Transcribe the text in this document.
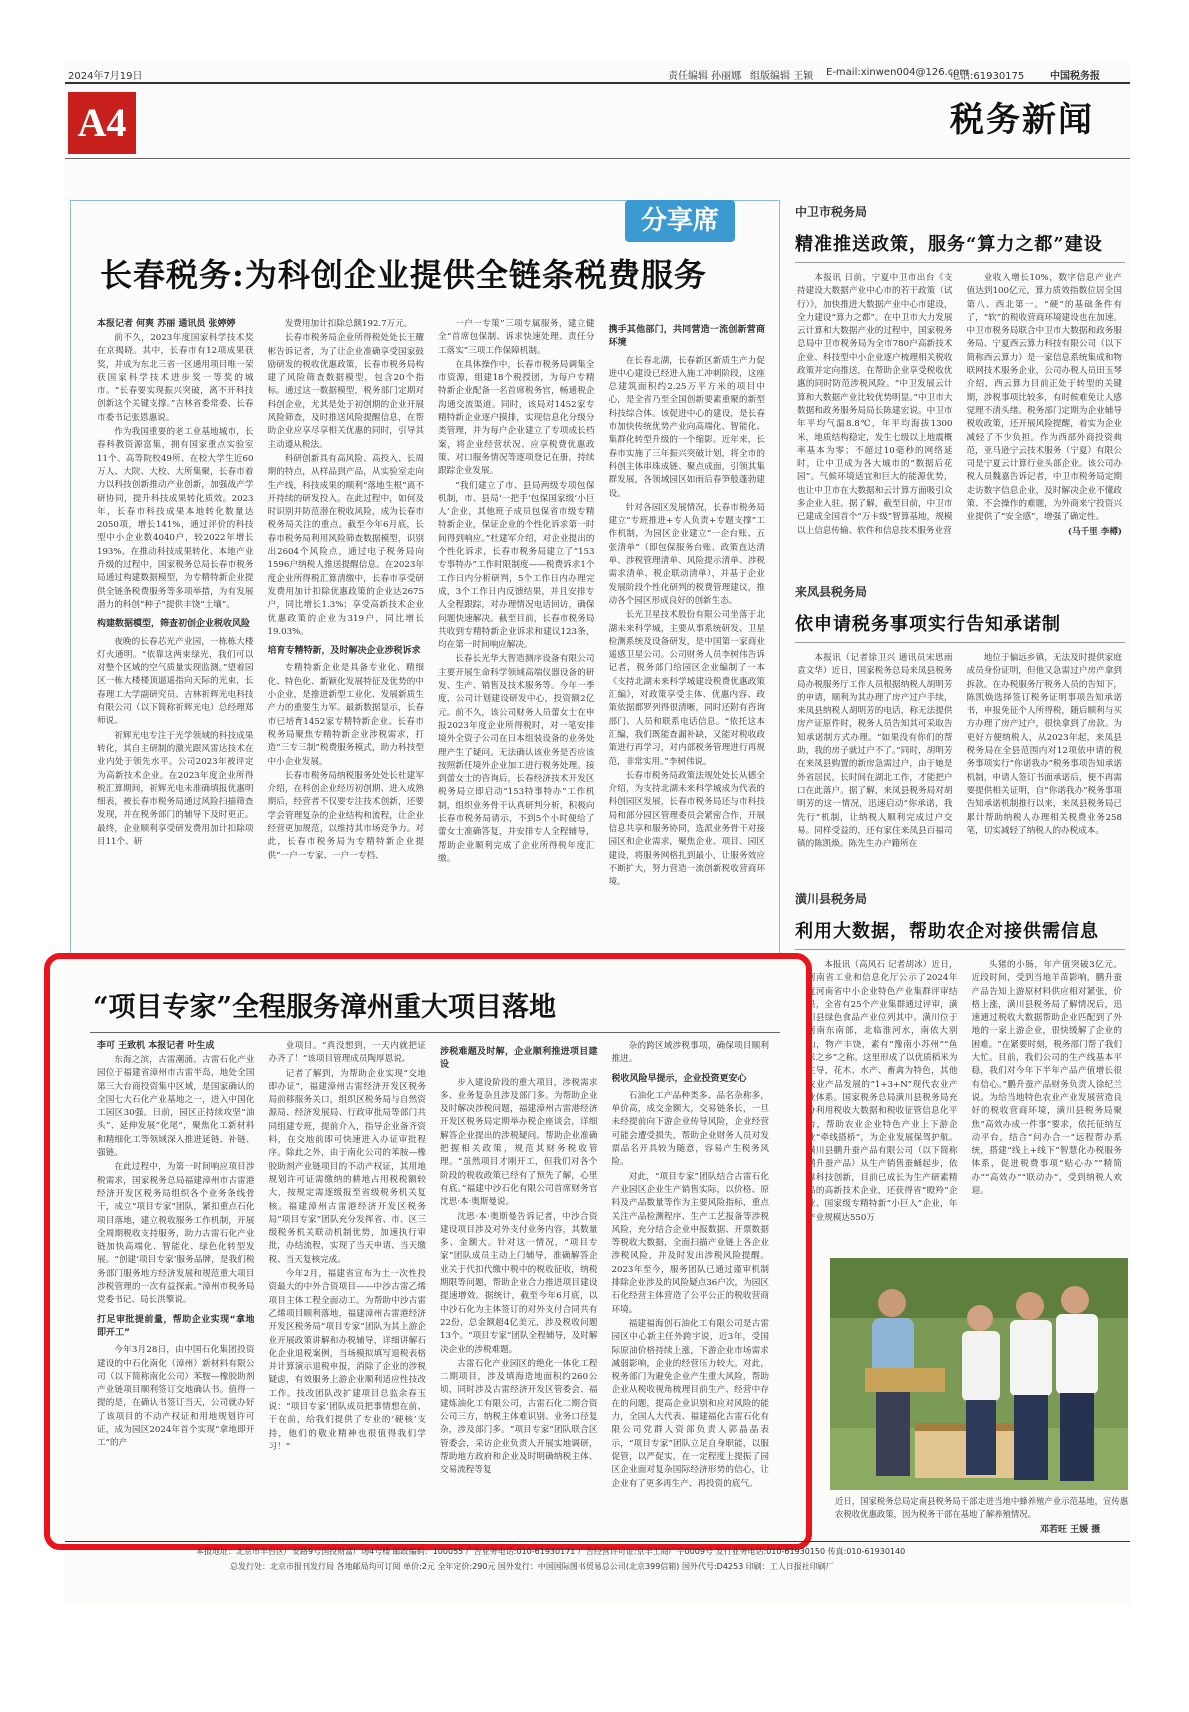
2024年7月19日	责任编辑 孙丽娜 组版编辑 王颖 E-mail:xinwen004@126.com
电话:61930175	中国税务报
A4	税务新闻
分享席
长春税务:为科创企业提供全链条税费服务

本报记者 何爽 苏丽 通讯员 张婷婷

前不久，2023年度国家科学技术奖在京揭晓。其中，长春市有12项成果获奖，并成为东北三省一区通用项目唯一荣获国家科学技术进步奖一等奖的城市。“长春要实现振兴突破，离不开科技创新这个关键支撑。”吉林省委常委、长春市委书记张恩惠说。

作为我国重要的老工业基地城市，长春科教资源富集，拥有国家重点实验室11个、高等院校49所、在校大学生近60万人、大院、大校、大所集聚，长春市着力以科技创新推动产业创新，加强战产学研协同，提升科技成果转化质效。2023年，长春市科技成果本地转化数量达2050项，增长141%，通过评价的科技型中小企业数4040户，较2022年增长193%。在推动科技成果转化、本地产业升级的过程中，国家税务总局长春市税务局通过构建数据模型，为专精特新企业提供全链条税费服务等多项举措，为有发展潜力的科创“种子”提供丰饶“土壤”。

构建数据模型，筛查初创企业税收风险

夜晚的长春芯光产业园，一栋栋大楼灯火通明。“依靠这两束绿光，我们可以对整个区域的空气质量实现监测。”望着园区一栋大楼楼顶逼遥指向天际的光束，长春理工大学副研究员、吉林祈辉光电科技有限公司（以下简称祈辉光电）总经理郑师说。

祈辉光电专注于光学领域的科技成果转化，其自主研制的激光跟风雷达技术在业内处于领先水平。公司2023年被评定为高新技术企业。在2023年度企业所得税汇算期间，祈辉光电未准确填报优惠明细表，被长春市税务局通过风险扫描筛查发现，并在税务部门的辅导下及时更正。最终，企业顺利享受研发费用加计扣除项目11个、研

发费用加计扣除总额192.7万元。

长春市税务局企业所得税处处长王耀彬告诉记者，为了让企业准确享受国家鼓励研发的税收优惠政策，长春市税务局构建了风险筛查数据模型，包含20个指标。通过这一数据模型，税务部门定期对科创企业，尤其是处于初创期的企业开展风险筛查，及时推送风险提醒信息，在帮助企业应享尽享相关优惠的同时，引导其主动遵从税法。

科研创新具有高风险、高投入、长周期的特点，从样品到产品，从实验室走向生产线，科技成果的顺利“落地生根”离不开持续的研发投入。在此过程中，如何及时识别并防范潜在税收风险，成为长春市税务局关注的重点。截至今年6月底，长春市税务局利用风险筛查数据模型，识别出2604个风险点，通过电子税务局向1596户纳税人推送提醒信息。在2023年度企业所得税汇算清缴中，长春市享受研发费用加计扣除优惠政策的企业达2675户，同比增长1.3%；享受高新技术企业优惠政策的企业为319户，同比增长19.03%。

培育专精特新，及时解决企业涉税诉求

专精特新企业是具备专业化、精细化、特色化、新颖化发展特征及优势的中小企业，是推进新型工业化、发展新质生产力的重要生力军。最新数据显示，长春市已培育1452家专精特新企业。长春市税务局聚焦专精特新企业涉税需求，打造“三专三制”税费服务模式，助力科技型中小企业发展。

长春市税务局纳税服务处处长杜建军介绍，在科创企业经历初创期、进入成熟期后，经营者不仅要专注技术创新，还要学会管理复杂的企业结构和流程，让企业经营更加规范，以维持其市场竞争力。对此，长春市税务局为专精特新企业提供“一户一专家、一户一专档、

一户一专策”三项专属服务，建立健全“首席包保制、诉求快速处理、责任分工落实”三项工作保障机制。

在具体操作中，长春市税务局调集全市资源，组建18个税授团，为每户专精特新企业配备一名首席税务官，畅通税企沟通交流渠道。同时，该局对1452家专精特新企业逐户摸排，实现信息化分级分类管理，并为每户企业建立了专项成长档案，将企业经营状况、应享税费优惠政策、对口服务情况等逐项登记在册，持续跟踪企业发展。

“我们建立了市、县局两级专项包保机制，市、县局‘一把手’包保国家级‘小巨人’企业，其他班子成员包保省市级专精特新企业，保证企业的个性化诉求第一时间得到响应。”杜建军介绍，对企业提出的个性化诉求，长春市税务局建立了“153专事特办”工作时限制度——税费诉求1个工作日内分析研判，5个工作日内办理完成，3个工作日内反馈结果，并且安排专人全程跟踪，对办理情况电话回访，确保问题快速解决。截至目前，长春市税务局共收到专精特新企业诉求和建议123条，均在第一时间响应解决。

长春长光华大智造测序设备有限公司主要开展生命科学领域高端仪器设备的研发、生产、销售及技术服务等。今年一季度，公司计划建设研发中心，投资额2亿元。前不久，该公司财务人员蕾女士在申报2023年度企业所得税时，对一笔安排境外全资子公司在日本组装设备的业务处理产生了疑问。无法确认该业务是否应该按照新任境外企业加工进行税务处理。接到蕾女士的咨询后，长春经济技术开发区税务局立即启动“153特事特办”工作机制，组织业务骨干认真研判分析，积极向长春市税务局请示，不到5个小时便给了蕾女士准确答复，并安排专人全程辅导，帮助企业顺利完成了企业所得税年度汇缴。

携手其他部门，共同营造一流创新营商环境

在长春北湖，长春新区新质生产力促进中心建设已经进入施工冲刺阶段，这座总建筑面积约2.25万平方米的项目中心，是全省乃至全国创新要素重聚的新型科技综合体。该促进中心的建设，是长春市加快传统优势产业向高端化、智能化、集群化转型升级的一个缩影。近年来，长春市实施了三年振兴突破计划，将全市的科创主体串珠成链、聚点成面，引领其集群发展，各领域园区如雨后春笋般蓬勃建设。

针对各园区发展情况，长春市税务局建立“专班推进+专人负责+专题支撑”工作机制，为园区企业建立“一企台账、五张清单”（即包保服务台账、政策直达清单、涉税管理清单、风险提示清单、涉税需求清单、税企联动清单），并基于企业发展阶段个性化研判的税费管理建议，推动各个园区形成良好的创新生态。

长光卫星技术股份有限公司坐落于北湖未来科学城，主要从事系统研发、卫星检测系统及设备研发，是中国第一家商业遥感卫星公司。公司财务人员李树伟告诉记者，税务部门给园区企业编制了一本《支持北湖未来科学城建设税费优惠政策汇编》，对政策享受主体、优惠内容、政策依据都罗列得很清晰，同时还附有咨询部门、人员和联系电话信息。“依托这本汇编，我们既能查漏补缺，又能对税收政策进行再学习，对内部税务管理进行再规范，非常实用。”李树伟说。

长春市税务局政策法规处处长从德全介绍，为支持北湖未来科学城成为代表的科创园区发展，长春市税务局还与市科技局和部分园区管理委员会紧密合作，开展信息共享和服务协同，选派业务骨干对接园区和企业需求，聚焦企业、项目、园区建设，将服务网格扎到最小，让服务效应不断扩大，努力营造一流创新税收营商环境。

中卫市税务局
精准推送政策，服务“算力之都”建设

本报讯 日前，宁夏中卫市出台《支持建设大数据产业中心市的若干政策（试行）》，加快推进大数据产业中心市建设，全力建设“算力之都”。在中卫市大力发展云计算和大数据产业的过程中，国家税务总局中卫市税务局为全市780户高新技术企业、科技型中小企业逐户梳理相关税收政策并定向推送，在帮助企业享受税收优惠的同时防范涉税风险。“中卫发展云计算和大数据产业比较优势明显。”中卫市大数据和政务服务局局长陈建宏说。中卫市年平均气温8.8℃，年平均海拔1300米，地质结构稳定，发生七级以上地震概率基本为零；不超过10毫秒的网络延时，让中卫成为各大城市的“数据后花园”。气候环境适宜和巨大的能源优势，也让中卫市在大数据和云计算方面吸引众多企业入驻。据了解，截至目前，中卫市已建成全国首个“万卡级”智算基地，规模以上信息传输、软件和信息技术服务业营

业收入增长10%，数字信息产业产值达到100亿元，算力质效指数位居全国第八、西北第一。“硬”的基础条件有了，“软”的税收营商环境建设也在加速。中卫市税务局联合中卫市大数据和政务服务局、宁夏西云算力科技有限公司（以下简称西云算力）是一家信息系统集成和物联网技术服务企业，公司办税人员田玉琴介绍，西云算力目前正处于转型的关键期，涉税事项比较多，有时候难免让人感觉理不清头绪。税务部门定期为企业辅导税收政策，还开展风险提醒，着实为企业减轻了不少负担。作为西部外商投资典范，亚马逊宁云技术服务（宁夏）有限公司是宁夏云计算行业头部企业。该公司办税人员魏嘉告诉记者，中卫市税务局定期走访数字信息企业，及时解决企业不懂政策、不会操作的难题，为外商来宁投资兴业提供了“安全感”，增强了确定性。

(马千里 李樽)

来凤县税务局
依申请税务事项实行告知承诺制

本报讯（记者徐卫兴 通讯员宋思雨 袁文华）近日，国家税务总局来凤县税务局办税服务厅工作人员根据纳税人胡明芳的申请，顺利为其办理了房产过户手续，来凤县纳税人胡明芳的电话，称无法提供房产证原件时，税务人员告知其可采取告知承诺制方式办理。“如果没有你们的帮助，我的房子就过户不了。”同时，胡明芳在来凤县购置的新房急需过户，由于她是外省居民，长时间在湖北工作，才能把户口在此落户。据了解，来凤县税务局对胡明芳的这一情况，迅速启动“你承诺，我先行”机制，让纳税人顺利完成过户交易。同样受益的，还有家住来凤县百福司镇的陈凯焕。陈先生办户籍所在

地位于偏远乡镇，无法及时提供家庭成员身份证明，但他又急需过户房产拿到拆款。在办税服务厅税务人员的告知下，陈凯焕选择签订税务证明事项告知承诺书，申报免征个人所得税，随后顺利与买方办理了房产过户，很快拿到了房款。为更好方便纳税人，从2023年起，来凤县税务局在全县范围内对12项依申请的税务事项实行“你诺我办”税务事项告知承诺机制，申请人签订书面承诺后，便不再需要提供相关证明，自“你诺我办”税务事项告知承诺机制推行以来，来凤县税务局已累计帮助纳税人办理相关税费业务258笔，切实减轻了纳税人的办税成本。

潢川县税务局
利用大数据，帮助农企对接供需信息

本报讯（高风石 记者胡冰）近日，河南省工业和信息化厅公示了2024年度河南省中小企业特色产业集群评审结果，全省有25个产业集群通过评审，潢川县绿色食品产业位列其中。潢川位于河南东南部，北临淮河水，南依大别山，物产丰饶，素有“豫南小苏州”“鱼米之乡”之称。这里形成了以优质稻米为主导，花木、水产、畜禽为特色，其他农业产品发展的“1+3+N”现代农业产业体系。国家税务总局潢川县税务局充分利用税收大数据和税收征管信息化平台，帮助农业企业特色产业上下游企业“牵线搭桥”，为企业发展保驾护航。潢川县鹏升蚕产品有限公司（以下简称鹏升蚕产品）从生产销售蚕蛹起步，依靠科技创新，目前已成长为生产研素精品的高新技术企业，还获得省“瞪羚”企业、国家级专精特新“小巨人”企业，年产业规模达550万

头猪的小肠，年产值突破3亿元。近段时间，受到当地羊苗影响，鹏升蚕产品告知上游原材料供应相对紧张，价格上涨，潢川县税务局了解情况后，迅速通过税收大数据帮助企业匹配到了外地的一家上游企业，很快缓解了企业的困难。“在紧要时刻，税务部门帮了我们大忙。目前，我们公司的生产线基本平稳，我们对今年下半年产品产值增长很有信心。”鹏升蚕产品财务负责人徐纪兰说。为给当地特色农业产业发展营造良好的税收营商环境，潢川县税务局聚焦“高效办成一件事”要求，依托征纳互动平台，结合“问办合一”远程帮办系统，搭建“线上+线下”智慧化办税服务体系，促进税费事项“贴心办”“精简办”“高效办”“联动办”，受到纳税人欢迎。

近日，国家税务总局定南县税务局干部走进当地中蜂养殖产业示范基地，宣传惠农税收优惠政策，因为税务干部在基地了解养殖情况。
邓若旺 王媛 摄
“项目专家”全程服务漳州重大项目落地

李可 王致机 本报记者 叶生成

东海之滨，古雷潮涌。古雷石化产业园位于福建省漳州市古雷半岛，地处全国第三大台商投资集中区域，是国家确认的全国七大石化产业基地之一，进入中国化工园区30强。日前，园区正持续攻坚“油头”、延伸发展“化尾”，聚焦化工新材料和精细化工等领域深入推进延链、补链、强链。

在此过程中，为第一时间响应项目涉税需求，国家税务总局福建漳州市古雷港经济开发区税务局组织各个业务条线骨干，成立“项目专家”团队，紧扣重点石化项目落地，建立税收服务工作机制，开展全周期税收支持服务，助力古雷石化产业链加快高端化、智能化、绿色化转型发展。“创建‘项目专家’服务品牌，是我们税务部门服务地方经济发展和规范重大项目涉税管理的一次有益探索。”漳州市税务局党委书记、局长洪擎说。

打足审批提前量，帮助企业实现“拿地即开工”

今年3月28日，由中国石化集团投资建设的中石化南化（漳州）新材料有限公司（以下简称南化公司）苯胺—橡胶助剂产业链项目顺利签订交地确认书。值得一提的是，在确认书签订当天，公司就办好了该项目的不动产权证和用地规划许可证，成为园区2024年首个实现“拿地即开工”的产

业项目。“真没想到，一天内就把证办齐了！”该项目管理成员陶厚恩说。

记者了解到，为帮助企业实现“交地即办证”，福建漳州古雷经济开发区税务局前移服务关口，组织区税务局与自然资源局、经济发展局、行政审批局等部门共同组建专班，提前介入，指导企业备齐资料，在交地前即可快速进入办证审批程序。除此之外，由于南化公司的苯胺—橡胶助剂产业链项目的不动产权证，其用地规划许可证需缴纳的耕地占用税税额较大，按规定需逐级报至省级税务机关复核。福建漳州古雷港经济开发区税务局“项目专家”团队充分发挥省、市、区三级税务机关联动机制优势，加速执行审批，办结流程，实现了当天申请、当天缴税、当天复核完成。

今年2月，福建省宣布为土一次性投资最大的中外合资项目——中沙古雷乙烯项目主体工程全面动工。为帮助中沙古雷乙烯项目顺利落地，福建漳州古雷港经济开发区税务局“项目专家”团队为其上游企业开展政策讲解和办税辅导，详细讲解石化企业退税案例，当场模拟填写退税表格并计算演示退税申报，消除了企业的涉税疑虑，有效服务上游企业顺利适应性技改工作。技改团队改扩建项目总监余春玉说：“项目专家’团队成员把事情想在前、干在前，给我们提供了专业的‘硬核’支持，他们的敬业精神也很值得我们学习！”

涉税难题及时解，企业顺利推进项目建设

步入建设阶段的重大项目，涉税需求多、业务复杂且涉及部门多。为帮助企业及时解决涉税问题，福建漳州古雷港经济开发区税务局定期举办税企座谈会，详细解答企业提出的涉税疑问。帮助企业准确把握相关政策，规范其财务税收管理。“虽然项目才刚开工，但我们对各个阶段的税收政策已经有了预先了解，心里有底。”福建中沙石化有限公司首席财务官沈思·本·奥斯曼说。

沈思·本·奥斯曼告诉记者，中沙合资建设项目涉及对外支付业务内容，其数量多、金额大。针对这一情况，“项目专家”团队成员主动上门辅导，准确解答企业关于代扣代缴中税中的税收征收，纳税期限等问题，帮助企业合力推进项目建设提速增效。据统计，截至今年6月底，以中沙石化为主体签订的对外支付合同共有22份，总金额超4亿美元，涉及税收问题13个。“项目专家”团队全程辅导，及时解决企业的涉税难题。

古雷石化产业园区的绝化一体化工程二期项目，涉及填海造地面积约260公顷，同时涉及古雷经济开发区管委会、福建炼油化工有限公司，古雷石化二期合资公司三方，纳税主体难识别、业务口径复杂，涉及部门多。“项目专家”团队联合区管委会，采访企业负责人开展实地调研，帮助地方政府和企业及时明确纳税主体、交易流程等复

杂的跨区域涉税事项，确保项目顺利推进。

税收风险早提示，企业投资更安心

石油化工产品种类多、品名杂称多，单价高，成交金额大，交易链条长，一旦未经提前向下游企业传导风险，企业经营可能会遭受损失，帮助企业财务人员对发票品名开具较为随意，容易产生税务风险。

对此，“项目专家”团队结合古雷石化产业园区企业生产销售实际，以价格、原料及产品数量等作为主要风险指标，重点关注产品检测程序、生产工艺报备等涉税风险，充分结合企业申报数据、开票数据等税收大数据，全面扫描产业链上各企业涉税风险，并及时发出涉税风险提醒。2023年至今，服务团队已通过谨审机制排除企业涉及的风险疑点36户次，为园区石化经营主体营造了公平公正的税收营商环境。

福建福海创石油化工有限公司是古雷园区中心新主任外跨宇说，近3年，受国际原油价格持续上涨，下游企业市场需求减弱影响，企业的经营压力较大。对此，税务部门为避免企业产生重大风险，帮助企业从税收视角梳理目前生产、经营中存在的问题，提高企业识别和应对风险的能力，全国人大代表、福建福化古雷石化有限公司党群人资部负责人郭晶晶表示，“项目专家”团队立足自身职能，以服促管，以严促实，在一定程度上提振了园区企业面对复杂国际经济形势的信心，让企业有了更多再生产、再投资的底气。

本报地址：北京市丰台区广安路9号国投财富广场4号楼 邮政编码：100055 广告业务电话:010-61930171 广告经营许可证:京丰工商广字0009号 发行业务电话:010-61930150 传真:010-61930140
总发行处：北京市报刊发行局 各地邮局均可订阅 单价:2元 全年定价:290元 国外发行：中国国际图书贸易总公司(北京399信箱) 国外代号:D4253 印刷：工人日报社印刷厂
